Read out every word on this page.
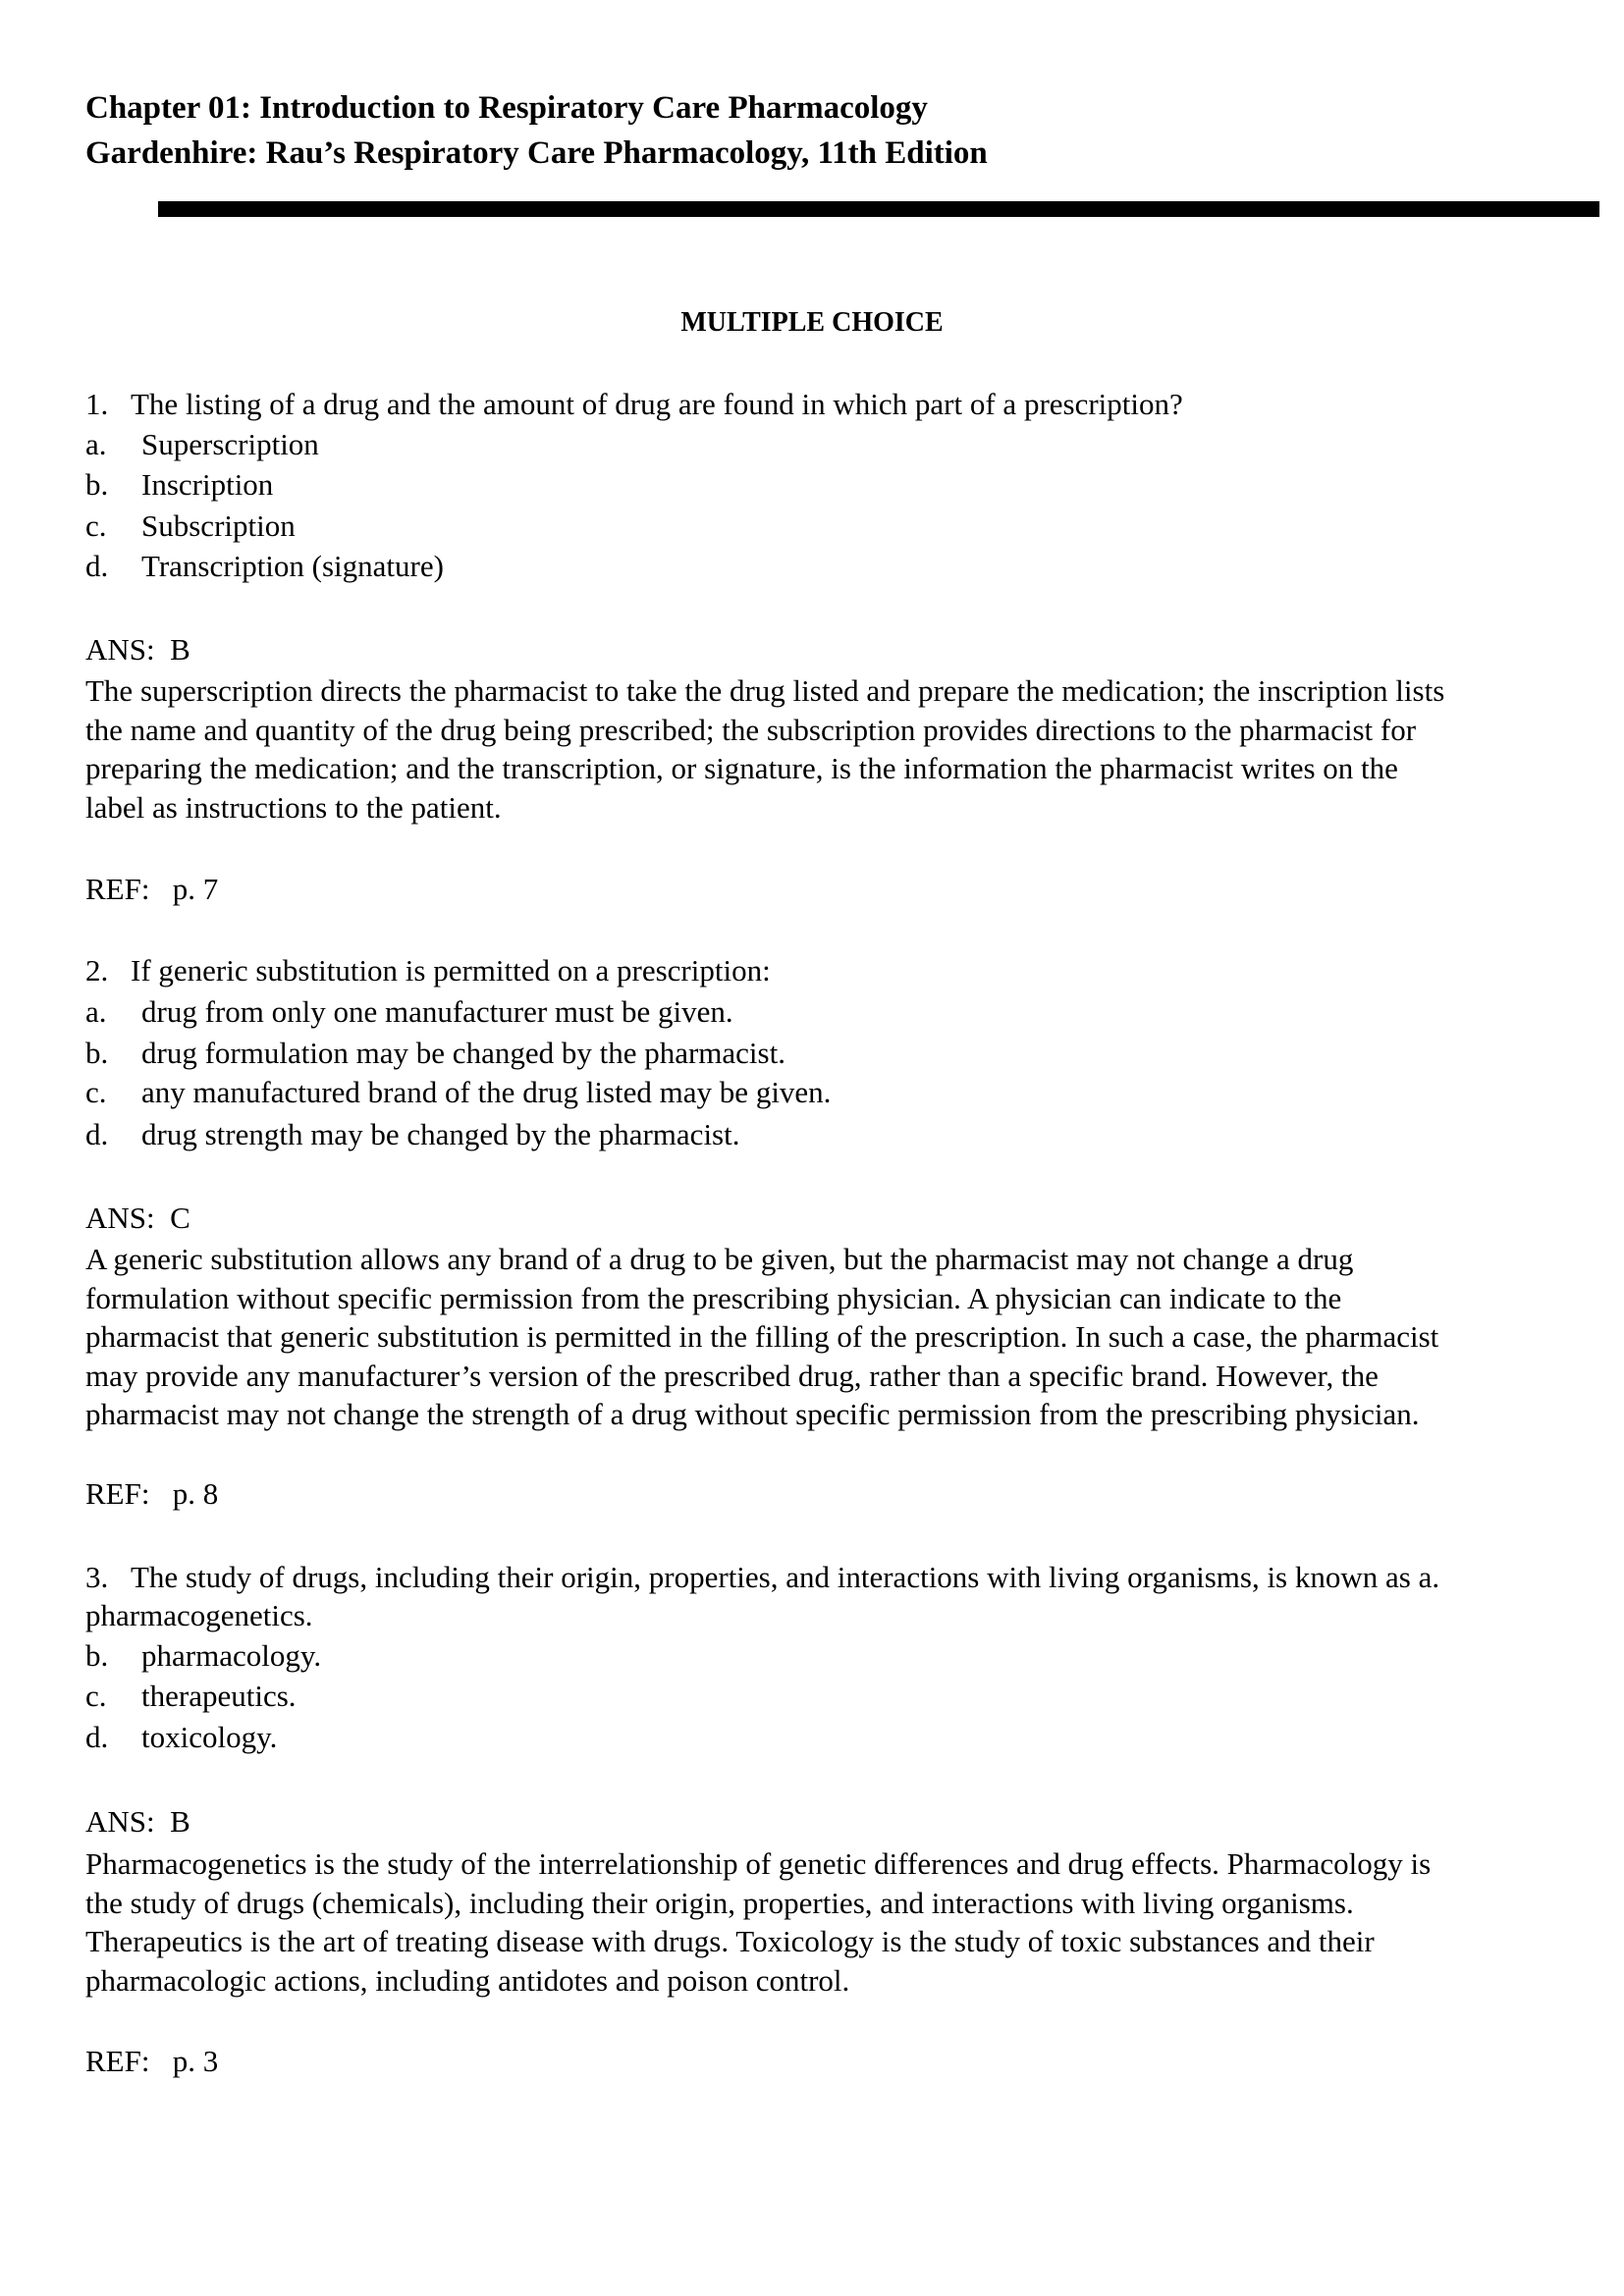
Chapter 01: Introduction to Respiratory Care Pharmacology
Gardenhire: Rau’s Respiratory Care Pharmacology, 11th Edition
MULTIPLE CHOICE
1. The listing of a drug and the amount of drug are found in which part of a prescription?
a. Superscription
b. Inscription
c. Subscription
d. Transcription (signature)
ANS:  B
The superscription directs the pharmacist to take the drug listed and prepare the medication; the inscription lists
the name and quantity of the drug being prescribed; the subscription provides directions to the pharmacist for
preparing the medication; and the transcription, or signature, is the information the pharmacist writes on the
label as instructions to the patient.
REF:   p. 7
2. If generic substitution is permitted on a prescription:
a. drug from only one manufacturer must be given.
b. drug formulation may be changed by the pharmacist.
c. any manufactured brand of the drug listed may be given.
d. drug strength may be changed by the pharmacist.
ANS:  C
A generic substitution allows any brand of a drug to be given, but the pharmacist may not change a drug
formulation without specific permission from the prescribing physician. A physician can indicate to the
pharmacist that generic substitution is permitted in the filling of the prescription. In such a case, the pharmacist
may provide any manufacturer’s version of the prescribed drug, rather than a specific brand. However, the
pharmacist may not change the strength of a drug without specific permission from the prescribing physician.
REF:   p. 8
3. The study of drugs, including their origin, properties, and interactions with living organisms, is known as a.
pharmacogenetics.
b. pharmacology.
c. therapeutics.
d. toxicology.
ANS:  B
Pharmacogenetics is the study of the interrelationship of genetic differences and drug effects. Pharmacology is
the study of drugs (chemicals), including their origin, properties, and interactions with living organisms.
Therapeutics is the art of treating disease with drugs. Toxicology is the study of toxic substances and their
pharmacologic actions, including antidotes and poison control.
REF:   p. 3
